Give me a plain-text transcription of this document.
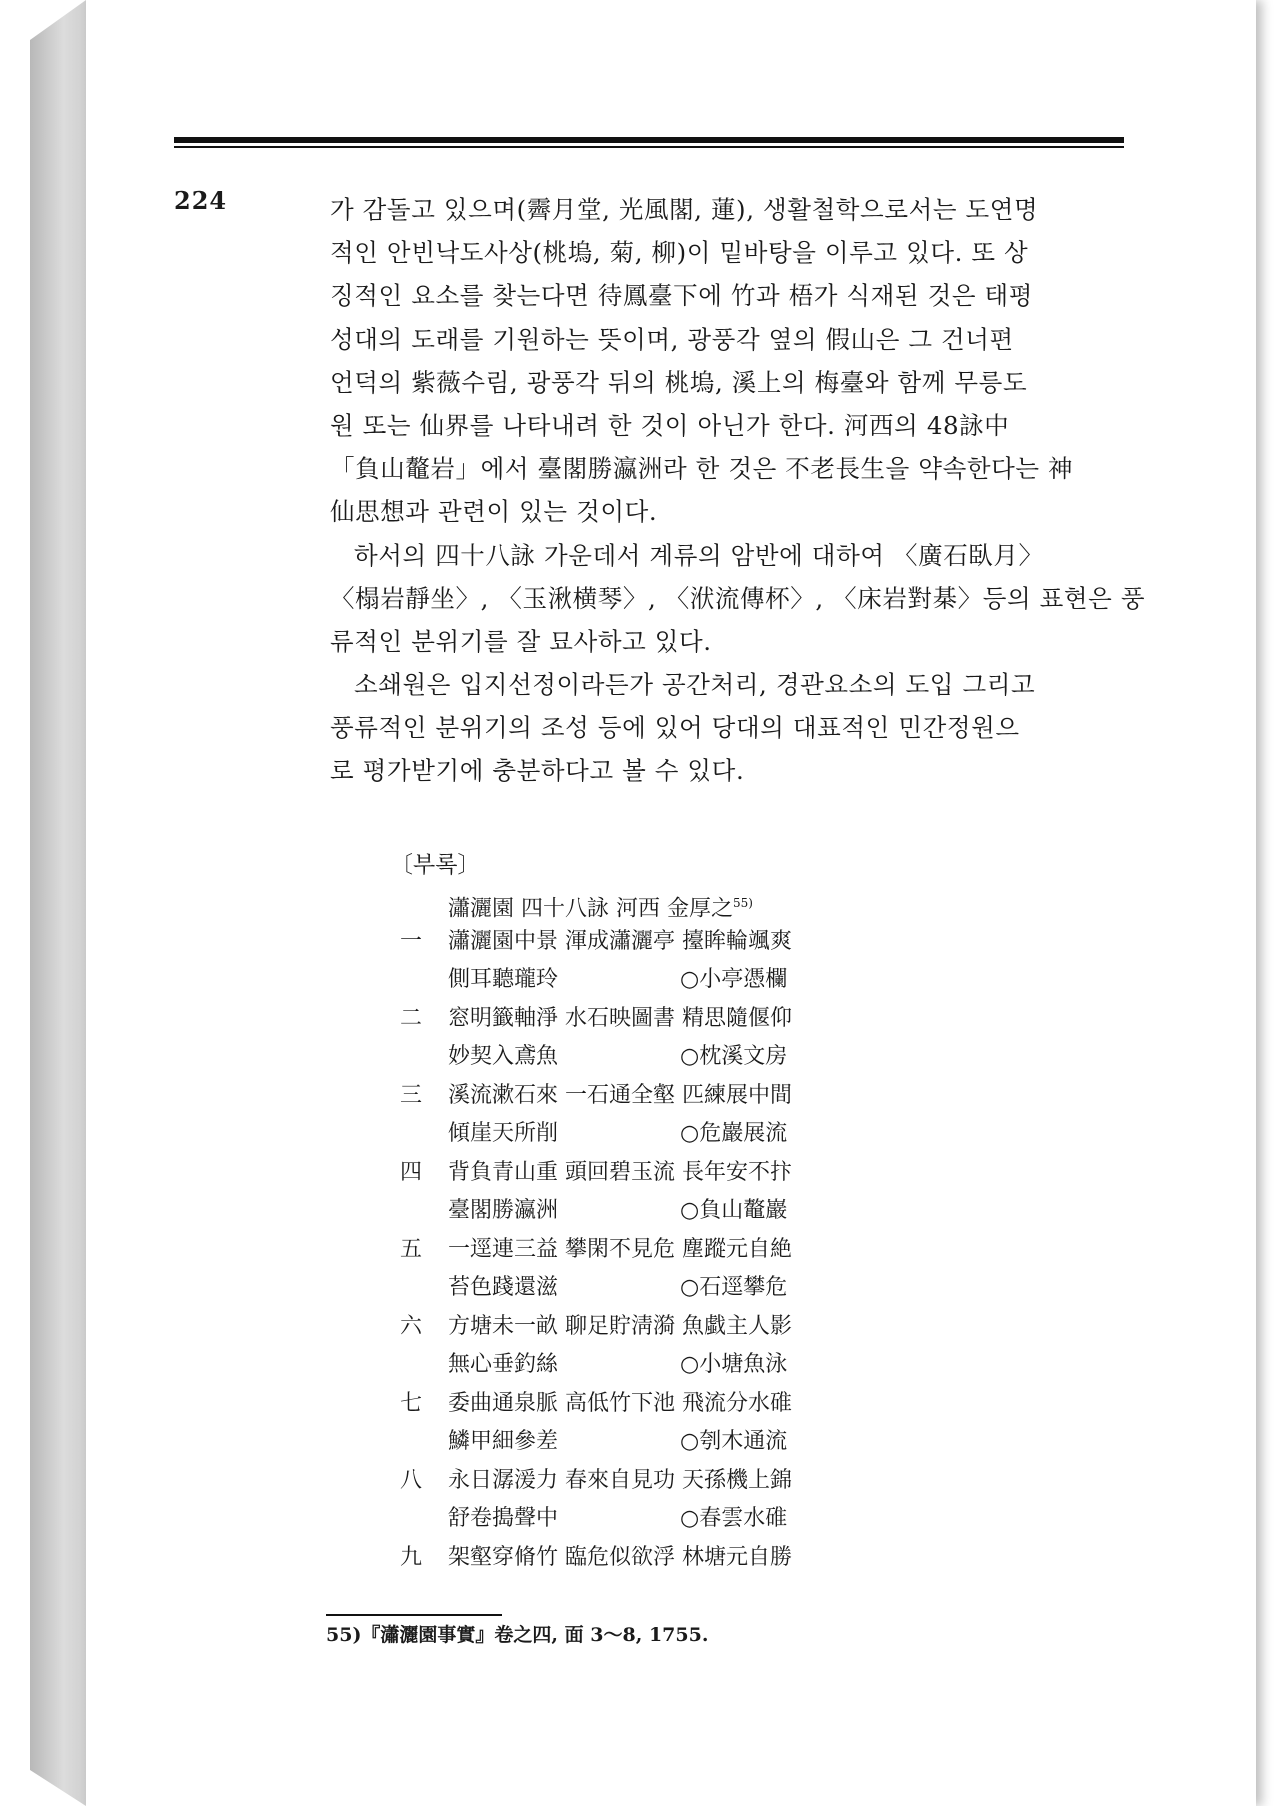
224	가 감돌고 있으며(霽月堂, 光風閣, 蓮), 생활철학으로서는 도연명
적인 안빈낙도사상(桃塢, 菊, 柳)이 밑바탕을 이루고 있다. 또 상
징적인 요소를 찾는다면 待鳳臺下에 竹과 梧가 식재된 것은 태평
성대의 도래를 기원하는 뜻이며, 광풍각 옆의 假山은 그 건너편
언덕의 紫薇수림, 광풍각 뒤의 桃塢, 溪上의 梅臺와 함께 무릉도
원 또는 仙界를 나타내려 한 것이 아닌가 한다. 河西의 48詠中
「負山鼇岩」에서 臺閣勝瀛洲라 한 것은 不老長生을 약속한다는 神
仙思想과 관련이 있는 것이다.
하서의 四十八詠 가운데서 계류의 암반에 대하여 〈廣石臥月〉
〈榻岩靜坐〉, 〈玉湫横琴〉, 〈洑流傳杯〉, 〈床岩對棊〉등의 표현은 풍
류적인 분위기를 잘 묘사하고 있다.
소쇄원은 입지선정이라든가 공간처리, 경관요소의 도입 그리고
풍류적인 분위기의 조성 등에 있어 당대의 대표적인 민간정원으
로 평가받기에 충분하다고 볼 수 있다.
〔부록〕
瀟灑園 四十八詠 河西 金厚之$^{55)}$
一	瀟灑園中景 渾成瀟灑亭 擡眸輪颯爽
側耳聽瓏玲	○小亭憑欄
二	窓明籤軸淨 水石映圖書 精思隨偃仰
妙契入鳶魚	○枕溪文房
三	溪流漱石來 一石通全壑 匹練展中間
傾崖天所削	○危巖展流
四	背負青山重 頭回碧玉流 長年安不抃
臺閣勝瀛洲	○負山鼇巖
五	一逕連三益 攀閑不見危 塵蹤元自絶
苔色踐還滋	○石逕攀危
六	方塘未一畝 聊足貯淸漪 魚戱主人影
無心垂釣絲	○小塘魚泳
七	委曲通泉脈 高低竹下池 飛流分水碓
鱗甲細參差	○刳木通流
八	永日潺湲力 春來自見功 天孫機上錦
舒卷搗聲中	○春雲水碓
九	架壑穿脩竹 臨危似欲浮 林塘元自勝
55)『瀟灑園事實』卷之四, 面 3～8, 1755.
